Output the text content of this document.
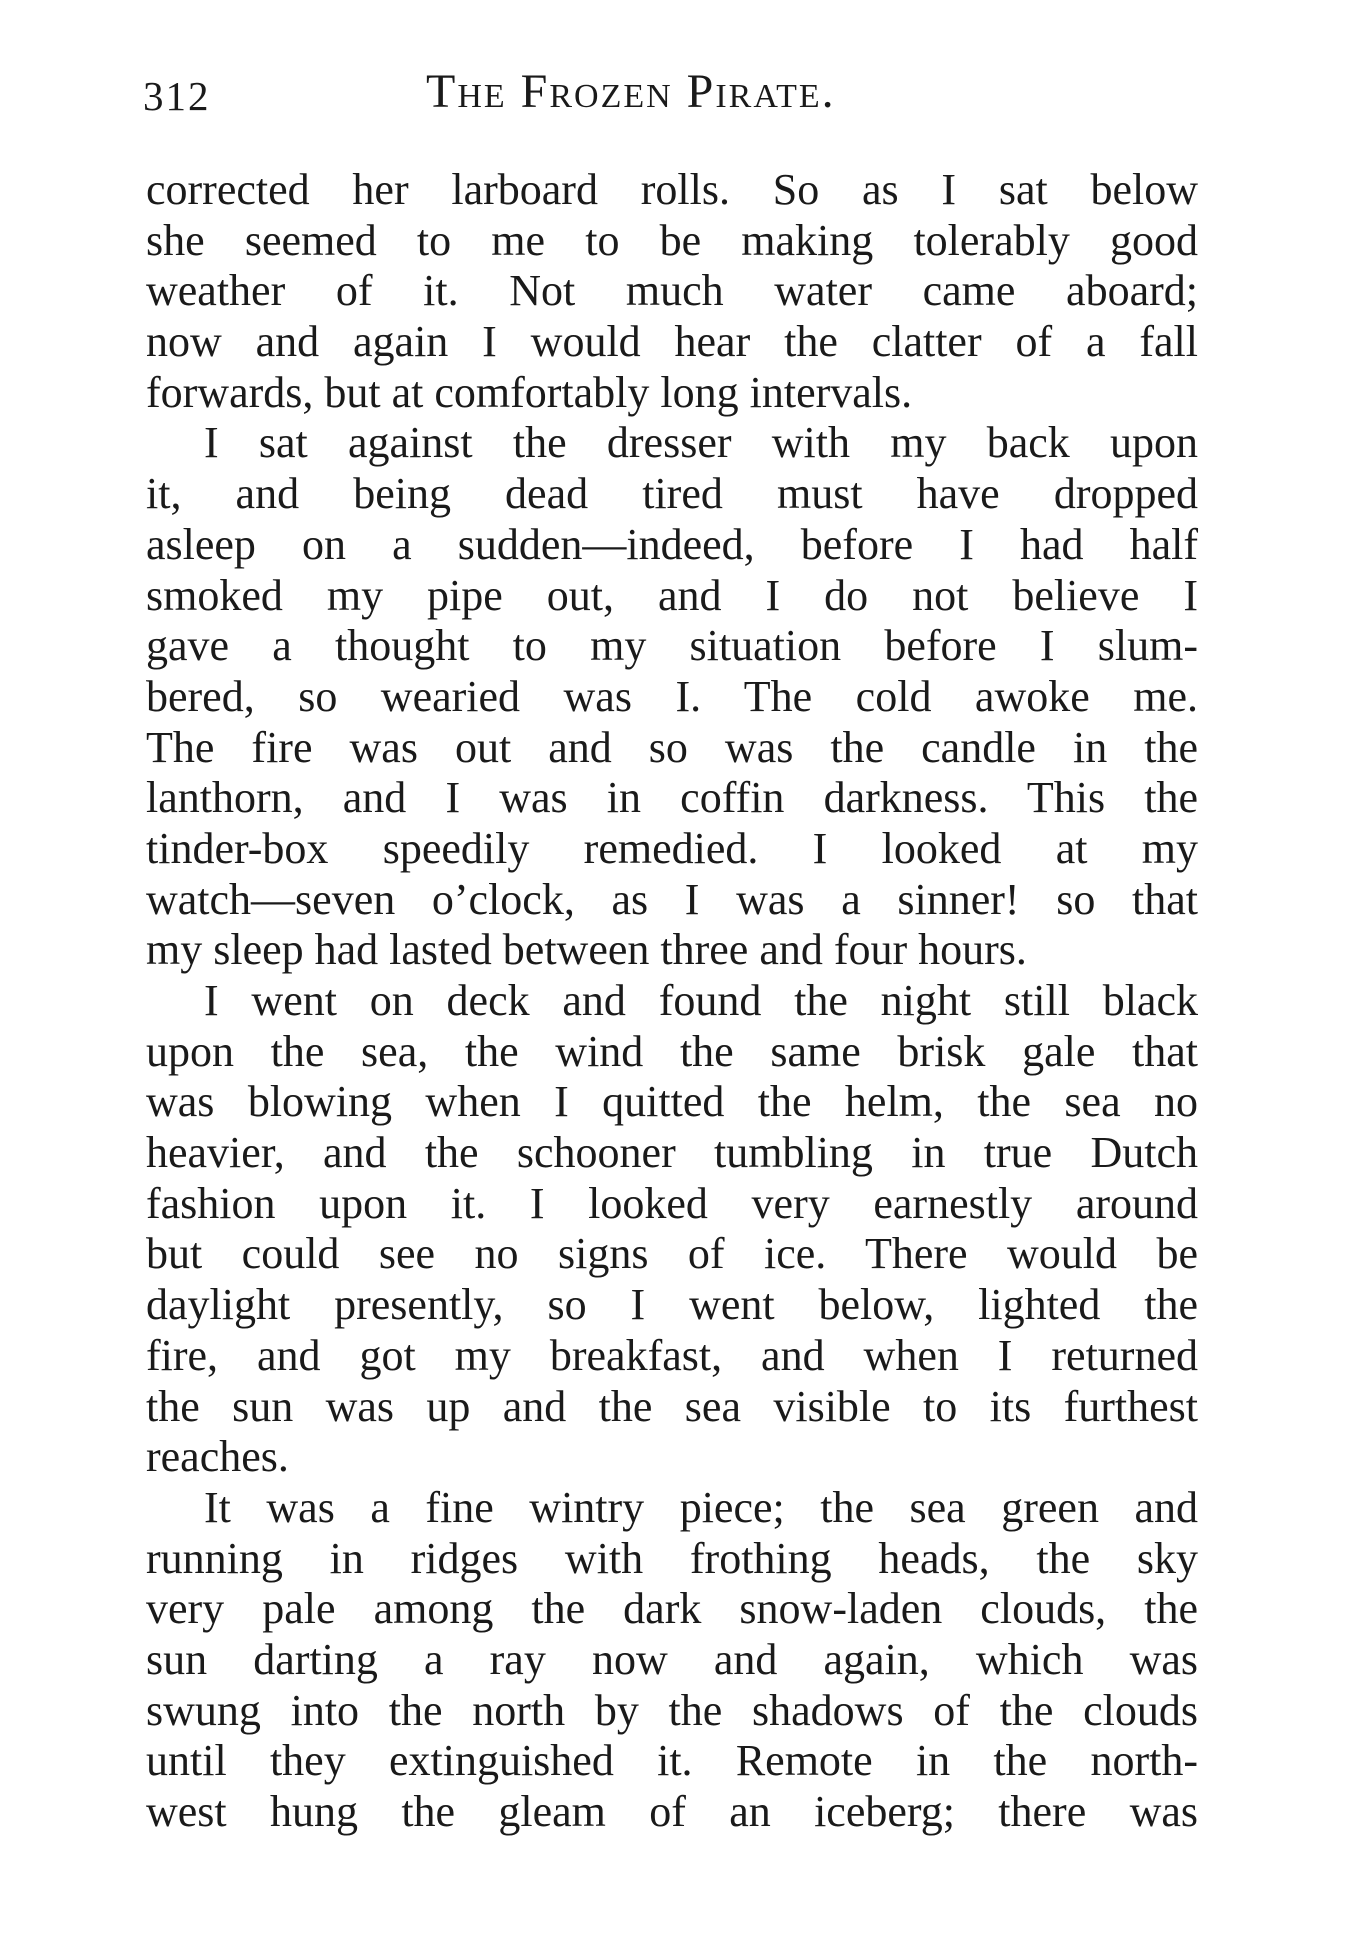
312	The Frozen Pirate.
corrected her larboard rolls. So as I sat below
she seemed to me to be making tolerably good
weather of it. Not much water came aboard;
now and again I would hear the clatter of a fall
forwards, but at comfortably long intervals.
I sat against the dresser with my back upon
it, and being dead tired must have dropped
asleep on a sudden—indeed, before I had half
smoked my pipe out, and I do not believe I
gave a thought to my situation before I slum-
bered, so wearied was I. The cold awoke me.
The fire was out and so was the candle in the
lanthorn, and I was in coffin darkness. This the
tinder-box speedily remedied. I looked at my
watch—seven o’clock, as I was a sinner! so that
my sleep had lasted between three and four hours.
I went on deck and found the night still black
upon the sea, the wind the same brisk gale that
was blowing when I quitted the helm, the sea no
heavier, and the schooner tumbling in true Dutch
fashion upon it. I looked very earnestly around
but could see no signs of ice. There would be
daylight presently, so I went below, lighted the
fire, and got my breakfast, and when I returned
the sun was up and the sea visible to its furthest
reaches.
It was a fine wintry piece; the sea green and
running in ridges with frothing heads, the sky
very pale among the dark snow-laden clouds, the
sun darting a ray now and again, which was
swung into the north by the shadows of the clouds
until they extinguished it. Remote in the north-
west hung the gleam of an iceberg; there was
